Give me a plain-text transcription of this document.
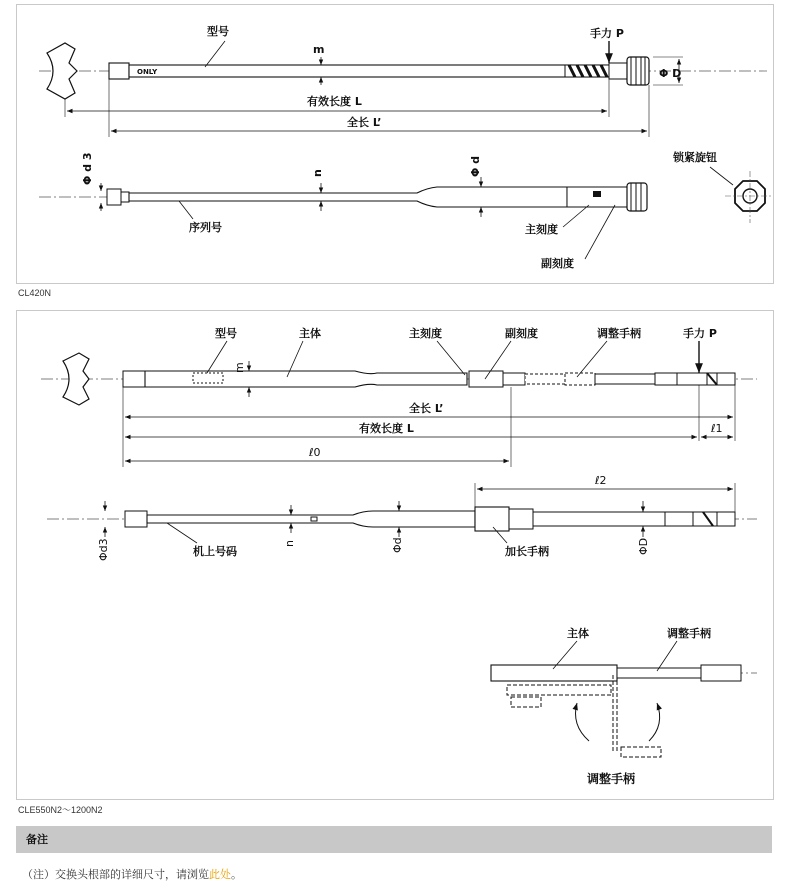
ONLY
型号	手力 P
m
Φ D
有效长度 L
全长 L’
Φ d 3	n	Φ d
序列号	主刻度
副刻度
锁紧旋钮
CL420N
型号	主体	主刻度	副刻度	调整手柄	手力 P
m
全长 L’
有效长度 L	ℓ1
ℓ0
ℓ2
Φd3	n	Φd	ΦD
机上号码	加长手柄
主体	调整手柄
调整手柄
CLE550N2～1200N2
备注
（注）交换头根部的详细尺寸，请浏览此处。
